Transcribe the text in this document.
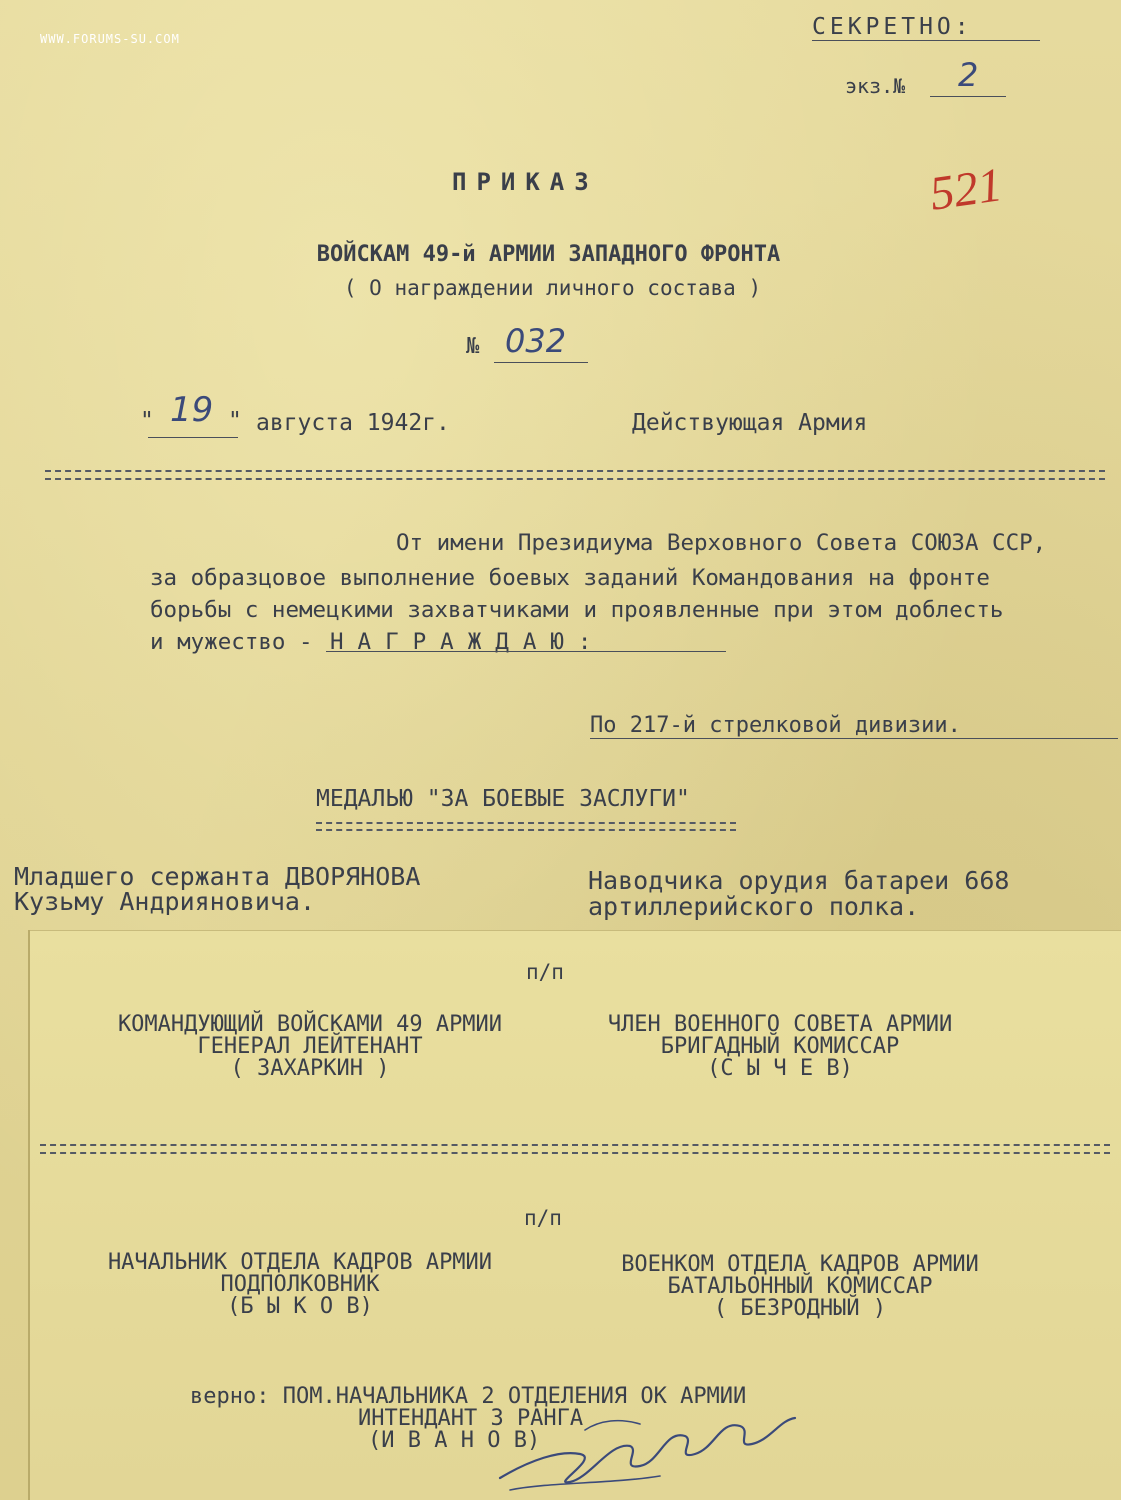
WWW.FORUMS-SU.COM	СЕКРЕТНО:
экз.№ 2
521
ПРИКАЗ
ВОЙСКАМ 49-й АРМИИ ЗАПАДНОГО ФРОНТА
( О награждении личного состава )
№ 032
" 19 " августа 1942г.	Действующая Армия
От имени Президиума Верховного Совета СОЮЗА ССР,
за образцовое выполнение боевых заданий Командования на фронте
борьбы с немецкими захватчиками и проявленные при этом доблесть
и мужество - НАГРАЖДАЮ:
По 217-й стрелковой дивизии.
МЕДАЛЬЮ "ЗА БОЕВЫЕ ЗАСЛУГИ"
Младшего сержанта ДВОРЯНОВА
Кузьму Андрияновича.
Наводчика орудия батареи 668
артиллерийского полка.
п/п
КОМАНДУЮЩИЙ ВОЙСКАМИ 49 АРМИИ
ГЕНЕРАЛ ЛЕЙТЕНАНТ
( ЗАХАРКИН )
ЧЛЕН ВОЕННОГО СОВЕТА АРМИИ
БРИГАДНЫЙ КОМИССАР
(С Ы Ч Е В)
п/п
НАЧАЛЬНИК ОТДЕЛА КАДРОВ АРМИИ
ПОДПОЛКОВНИК
(Б Ы К О В)
ВОЕНКОМ ОТДЕЛА КАДРОВ АРМИИ
БАТАЛЬОННЫЙ КОМИССАР
( БЕЗРОДНЫЙ )
верно: ПОМ.НАЧАЛЬНИКА 2 ОТДЕЛЕНИЯ ОК АРМИИ
ИНТЕНДАНТ 3 РАНГА
(И В А Н О В)
